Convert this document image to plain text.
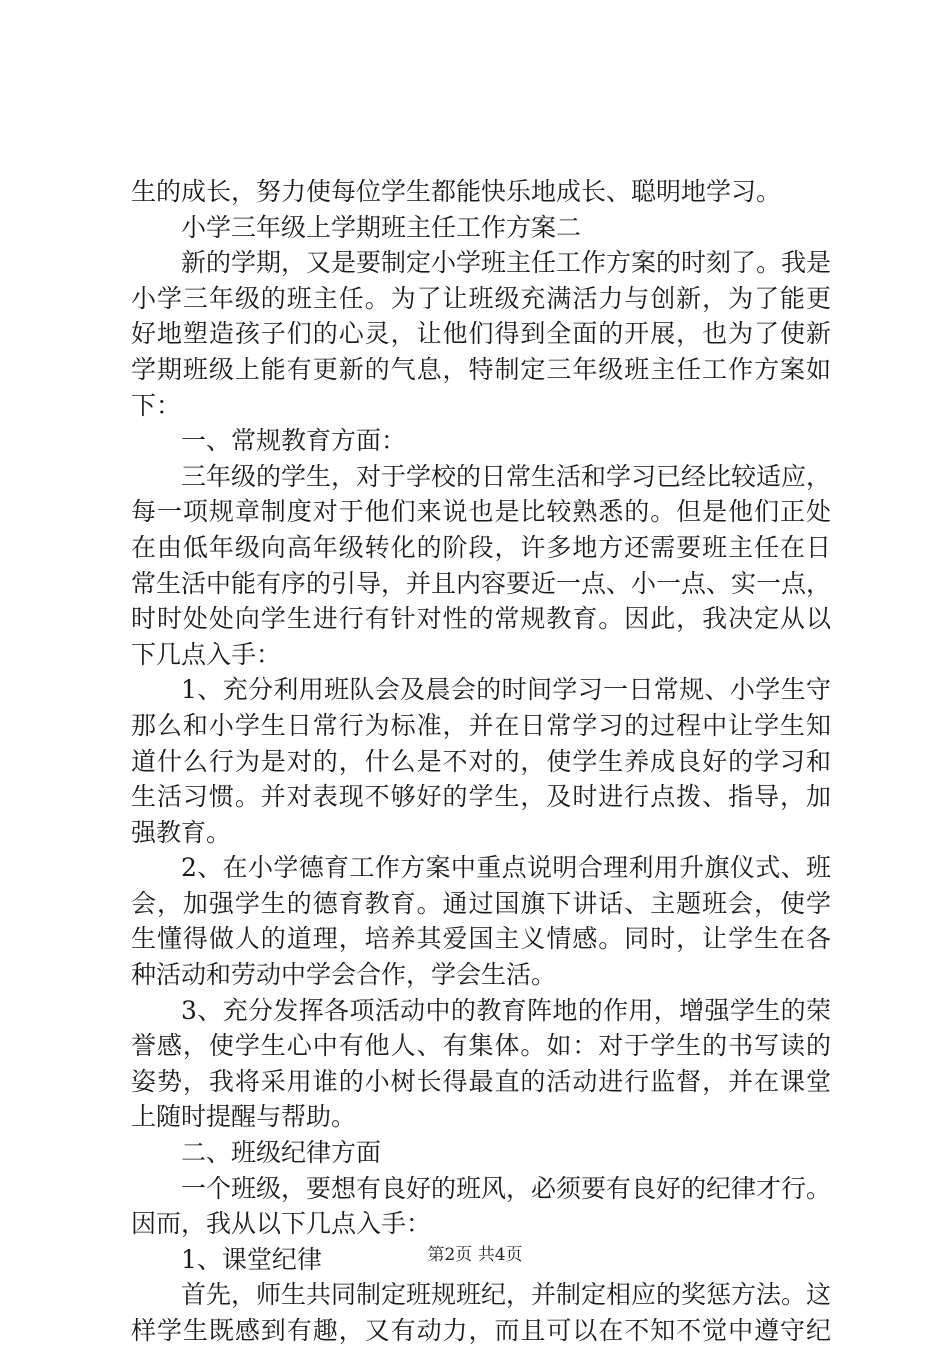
生的成长，努力使每位学生都能快乐地成长、聪明地学习。
小学三年级上学期班主任工作方案二
新的学期，又是要制定小学班主任工作方案的时刻了。我是
小学三年级的班主任。为了让班级充满活力与创新，为了能更
好地塑造孩子们的心灵，让他们得到全面的开展，也为了使新
学期班级上能有更新的气息，特制定三年级班主任工作方案如
下：
一、常规教育方面：
三年级的学生，对于学校的日常生活和学习已经比较适应，
每一项规章制度对于他们来说也是比较熟悉的。但是他们正处
在由低年级向高年级转化的阶段，许多地方还需要班主任在日
常生活中能有序的引导，并且内容要近一点、小一点、实一点，
时时处处向学生进行有针对性的常规教育。因此，我决定从以
下几点入手：
1、充分利用班队会及晨会的时间学习一日常规、小学生守
那么和小学生日常行为标准，并在日常学习的过程中让学生知
道什么行为是对的，什么是不对的，使学生养成良好的学习和
生活习惯。并对表现不够好的学生，及时进行点拨、指导，加
强教育。
2、在小学德育工作方案中重点说明合理利用升旗仪式、班
会，加强学生的德育教育。通过国旗下讲话、主题班会，使学
生懂得做人的道理，培养其爱国主义情感。同时，让学生在各
种活动和劳动中学会合作，学会生活。
3、充分发挥各项活动中的教育阵地的作用，增强学生的荣
誉感，使学生心中有他人、有集体。如：对于学生的书写读的
姿势，我将采用谁的小树长得最直的活动进行监督，并在课堂
上随时提醒与帮助。
二、班级纪律方面
一个班级，要想有良好的班风，必须要有良好的纪律才行。
因而，我从以下几点入手：
1、课堂纪律
首先，师生共同制定班规班纪，并制定相应的奖惩方法。这
样学生既感到有趣，又有动力，而且可以在不知不觉中遵守纪
第2页 共4页
